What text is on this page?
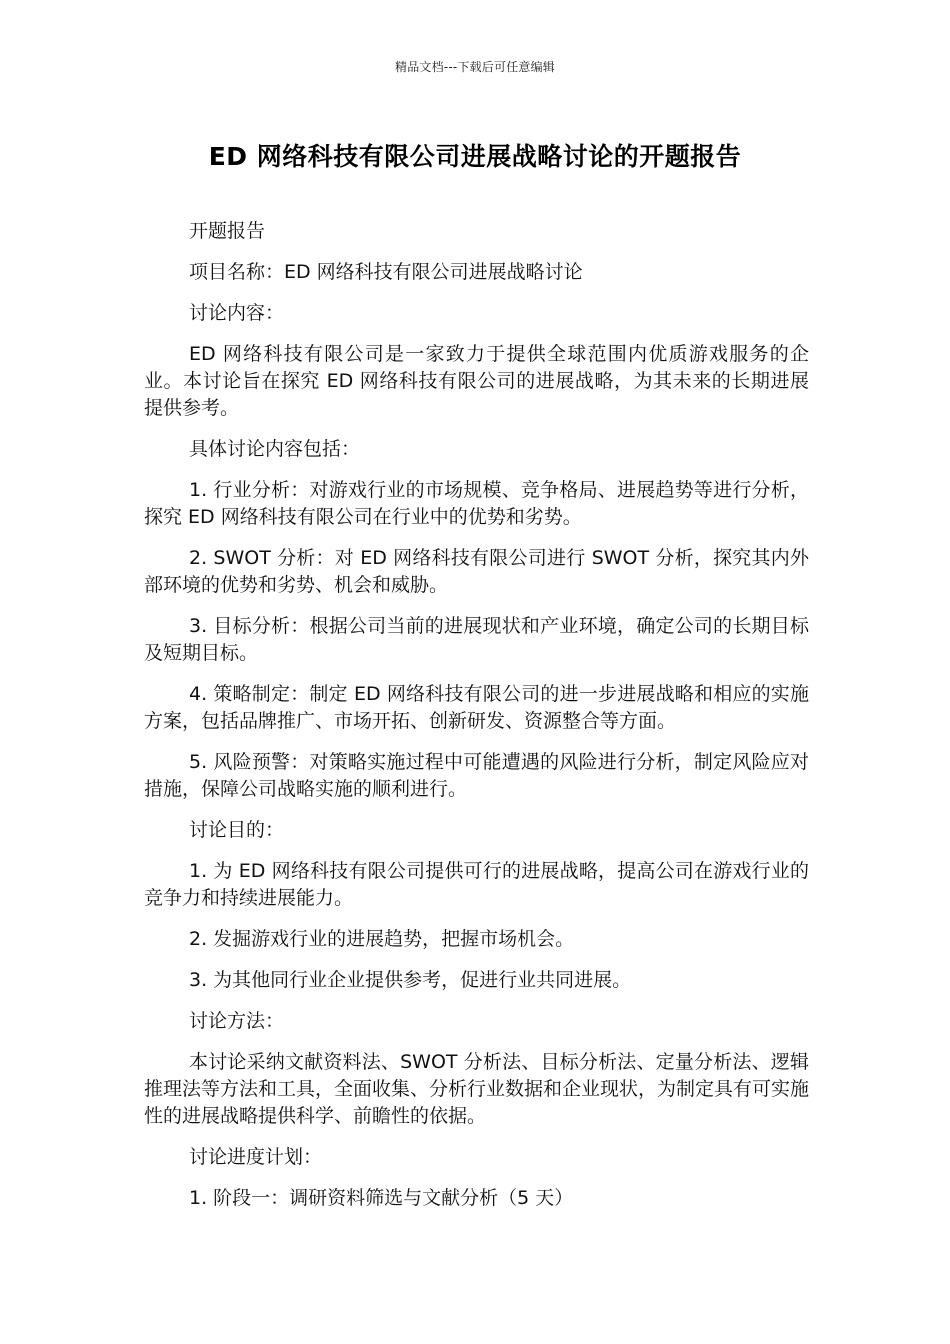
精品文档---下载后可任意编辑
ED 网络科技有限公司进展战略讨论的开题报告

开题报告

项目名称：ED 网络科技有限公司进展战略讨论

讨论内容：

ED 网络科技有限公司是一家致力于提供全球范围内优质游戏服务的企业。本讨论旨在探究 ED 网络科技有限公司的进展战略，为其未来的长期进展提供参考。

具体讨论内容包括：

1. 行业分析：对游戏行业的市场规模、竞争格局、进展趋势等进行分析，探究 ED 网络科技有限公司在行业中的优势和劣势。

2. SWOT 分析：对 ED 网络科技有限公司进行 SWOT 分析，探究其内外部环境的优势和劣势、机会和威胁。

3. 目标分析：根据公司当前的进展现状和产业环境，确定公司的长期目标及短期目标。

4. 策略制定：制定 ED 网络科技有限公司的进一步进展战略和相应的实施方案，包括品牌推广、市场开拓、创新研发、资源整合等方面。

5. 风险预警：对策略实施过程中可能遭遇的风险进行分析，制定风险应对措施，保障公司战略实施的顺利进行。

讨论目的：

1. 为 ED 网络科技有限公司提供可行的进展战略，提高公司在游戏行业的竞争力和持续进展能力。

2. 发掘游戏行业的进展趋势，把握市场机会。

3. 为其他同行业企业提供参考，促进行业共同进展。

讨论方法：

本讨论采纳文献资料法、SWOT 分析法、目标分析法、定量分析法、逻辑推理法等方法和工具，全面收集、分析行业数据和企业现状，为制定具有可实施性的进展战略提供科学、前瞻性的依据。

讨论进度计划：

1. 阶段一：调研资料筛选与文献分析（5 天）
